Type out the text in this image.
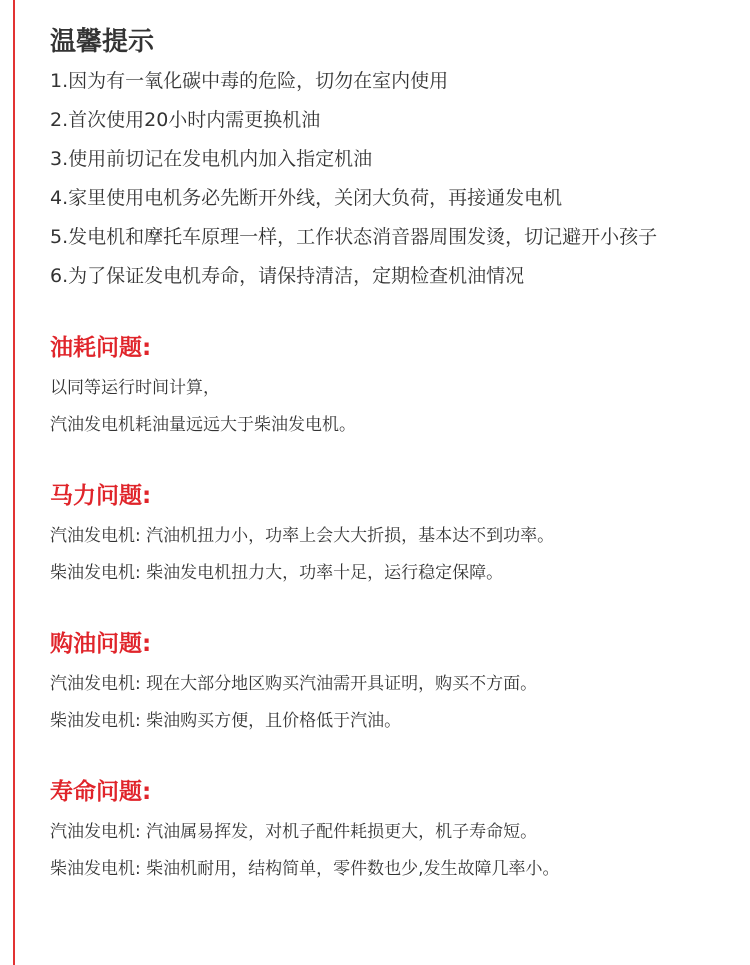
温馨提示

1.因为有一氧化碳中毒的危险，切勿在室内使用

2.首次使用20小时内需更换机油

3.使用前切记在发电机内加入指定机油

4.家里使用电机务必先断开外线，关闭大负荷，再接通发电机

5.发电机和摩托车原理一样，工作状态消音器周围发烫，切记避开小孩子

6.为了保证发电机寿命，请保持清洁，定期检查机油情况

油耗问题:

以同等运行时间计算，

汽油发电机耗油量远远大于柴油发电机。

马力问题:

汽油发电机: 汽油机扭力小，功率上会大大折损，基本达不到功率。

柴油发电机: 柴油发电机扭力大，功率十足，运行稳定保障。

购油问题:

汽油发电机: 现在大部分地区购买汽油需开具证明，购买不方面。

柴油发电机: 柴油购买方便，且价格低于汽油。

寿命问题:

汽油发电机: 汽油属易挥发，对机子配件耗损更大，机子寿命短。

柴油发电机: 柴油机耐用，结构简单，零件数也少,发生故障几率小。
